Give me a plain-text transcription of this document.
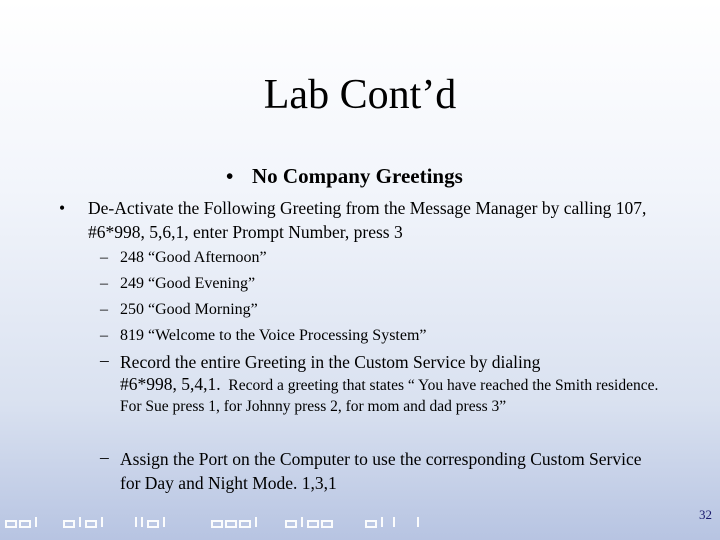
Lab Cont’d
• No Company Greetings
• De-Activate the Following Greeting from the Message Manager by calling 107, #6*998, 5,6,1, enter Prompt Number, press 3
– 248 “Good Afternoon”
– 249 “Good Evening”
– 250 “Good Morning”
– 819 “Welcome to the Voice Processing System”
– Record the entire Greeting in the Custom Service by dialing
#6*998, 5,4,1. Record a greeting that states “ You have reached the Smith residence. For Sue press 1, for Johnny press 2, for mom and dad press 3”
– Assign the Port on the Computer to use the corresponding Custom Service for Day and Night Mode. 1,3,1
32
